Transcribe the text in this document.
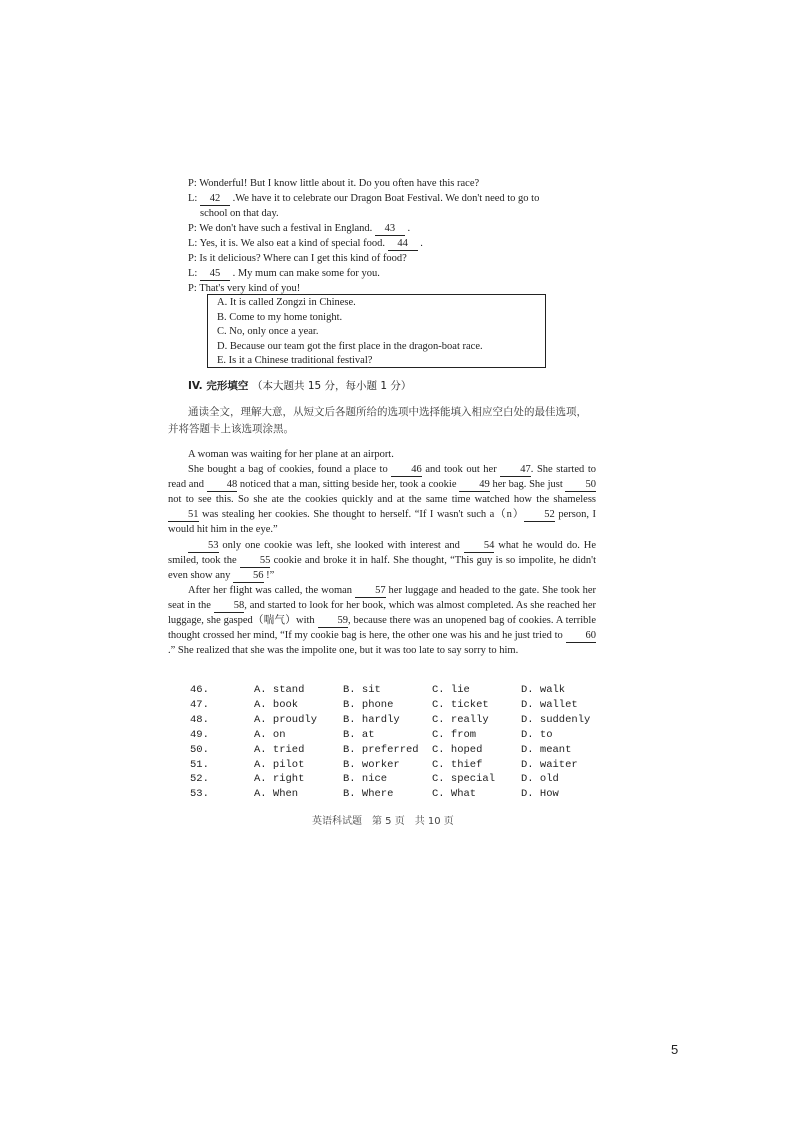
P: Wonderful! But I know little about it. Do you often have this race?

L: 42 .We have it to celebrate our Dragon Boat Festival. We don't need to go to

school on that day.

P: We don't have such a festival in England. 43 .

L: Yes, it is. We also eat a kind of special food. 44 .

P: Is it delicious? Where can I get this kind of food?

L: 45 . My mum can make some for you.

P: That's very kind of you!

A. It is called Zongzi in Chinese.
B. Come to my home tonight.
C. No, only once a year.
D. Because our team got the first place in the dragon-boat race.
E. Is it a Chinese traditional festival?
IV. 完形填空 （本大题共 15 分，每小题 1 分）
通读全文，理解大意，从短文后各题所给的选项中选择能填入相应空白处的最佳选项，并将答题卡上该选项涂黑。

A woman was waiting for her plane at an airport.

She bought a bag of cookies, found a place to 46 and took out her 47. She started to read and 48 noticed that a man, sitting beside her, took a cookie 49 her bag. She just 50 not to see this. So she ate the cookies quickly and at the same time watched how the shameless 51 was stealing her cookies. She thought to herself. “If I wasn't such a（n） 52 person, I would hit him in the eye.”

53 only one cookie was left, she looked with interest and 54 what he would do. He smiled, took the 55 cookie and broke it in half. She thought, “This guy is so impolite, he didn't even show any 56 !”

After her flight was called, the woman 57 her luggage and headed to the gate. She took her seat in the 58, and started to look for her book, which was almost completed. As she reached her luggage, she gasped（喘气）with 59, because there was an unopened bag of cookies. A terrible thought crossed her mind, “If my cookie bag is here, the other one was his and he just tried to 60.” She realized that she was the impolite one, but it was too late to say sorry to him.

46.	A. stand	B. sit	C. lie	D. walk
47.	A. book	B. phone	C. ticket	D. wallet
48.	A. proudly	B. hardly	C. really	D. suddenly
49.	A. on	B. at	C. from	D. to
50.	A. tried	B. preferred	C. hoped	D. meant
51.	A. pilot	B. worker	C. thief	D. waiter
52.	A. right	B. nice	C. special	D. old
53.	A. When	B. Where	C. What	D. How
英语科试题　第 5 页　共 10 页
5
